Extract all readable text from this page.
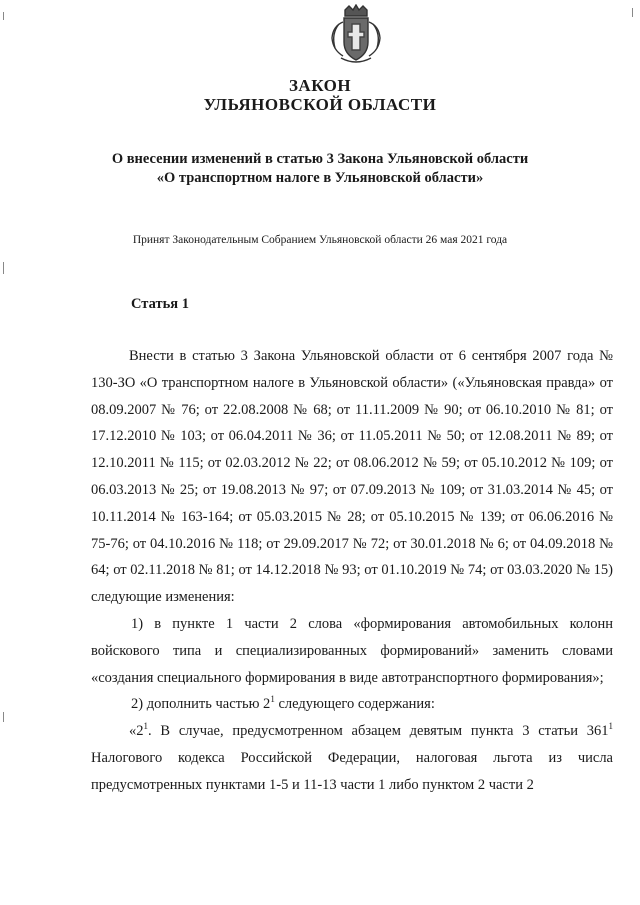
ЗАКОН
УЛЬЯНОВСКОЙ ОБЛАСТИ
О внесении изменений в статью 3 Закона Ульяновской области
«О транспортном налоге в Ульяновской области»
Принят Законодательным Собранием Ульяновской области 26 мая 2021 года
Статья 1

Внести в статью 3 Закона Ульяновской области от 6 сентября 2007 года № 130-ЗО «О транспортном налоге в Ульяновской области» («Ульяновская правда» от 08.09.2007 № 76; от 22.08.2008 № 68; от 11.11.2009 № 90; от 06.10.2010 № 81; от 17.12.2010 № 103; от 06.04.2011 № 36; от 11.05.2011 № 50; от 12.08.2011 № 89; от 12.10.2011 № 115; от 02.03.2012 № 22; от 08.06.2012 № 59; от 05.10.2012 № 109; от 06.03.2013 № 25; от 19.08.2013 № 97; от 07.09.2013 № 109; от 31.03.2014 № 45; от 10.11.2014 № 163-164; от 05.03.2015 № 28; от 05.10.2015 № 139; от 06.06.2016 № 75-76; от 04.10.2016 № 118; от 29.09.2017 № 72; от 30.01.2018 № 6; от 04.09.2018 № 64; от 02.11.2018 № 81; от 14.12.2018 № 93; от 01.10.2019 № 74; от 03.03.2020 № 15) следующие изменения:

1) в пункте 1 части 2 слова «формирования автомобильных колонн войскового типа и специализированных формирований» заменить словами «создания специального формирования в виде автотранспортного формирования»;

2) дополнить частью $2^1$ следующего содержания:

«$2^1$. В случае, предусмотренном абзацем девятым пункта 3 статьи $361^1$ Налогового кодекса Российской Федерации, налоговая льгота из числа предусмотренных пунктами 1-5 и 11-13 части 1 либо пунктом 2 части 2
